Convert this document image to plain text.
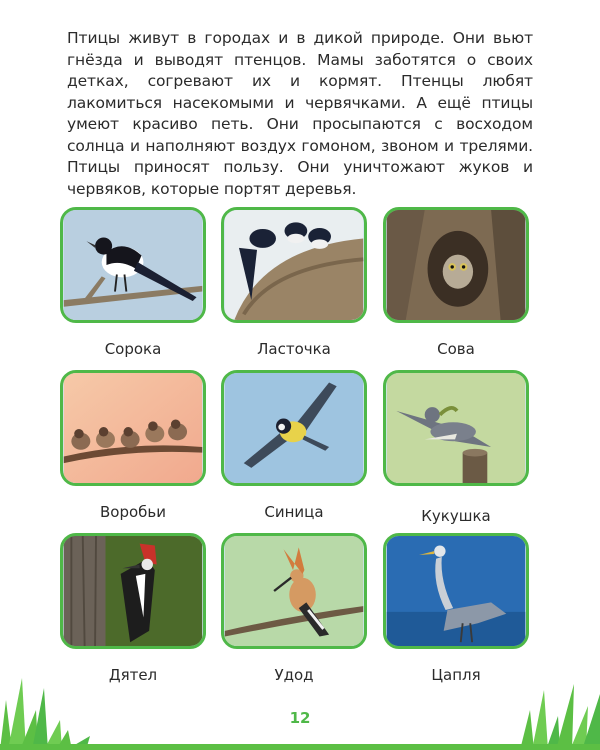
Птицы живут в городах и в дикой природе. Они вьют гнёзда и выводят птенцов. Мамы заботятся о своих детках, согревают их и кормят. Птенцы любят лакомиться насекомыми и червячками. А ещё птицы умеют красиво петь. Они просыпаются с восходом солнца и наполняют воздух гомоном, звоном и трелями. Птицы приносят пользу. Они уничтожают жуков и червяков, которые портят деревья.

Сорока	Ласточка	Сова
Воробьи	Синица	Кукушка
Дятел	Удод	Цапля
12
